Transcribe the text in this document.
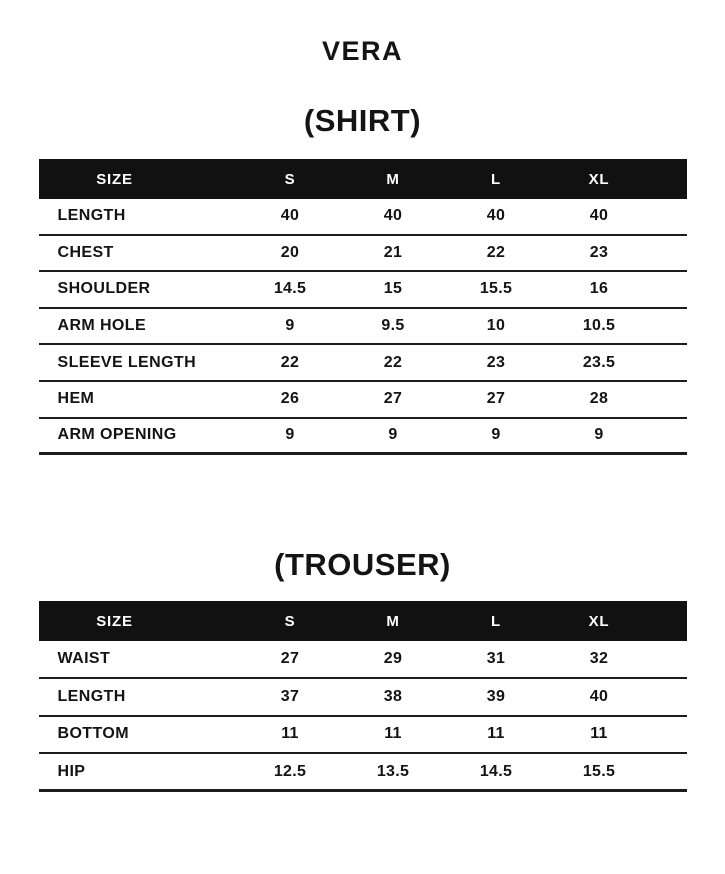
VERA
(SHIRT)
SIZE	S	M	L	XL
LENGTH	40	40	40	40
CHEST	20	21	22	23
SHOULDER	14.5	15	15.5	16
ARM HOLE	9	9.5	10	10.5
SLEEVE LENGTH	22	22	23	23.5
HEM	26	27	27	28
ARM OPENING	9	9	9	9
(TROUSER)
SIZE	S	M	L	XL
WAIST	27	29	31	32
LENGTH	37	38	39	40
BOTTOM	11	11	11	11
HIP	12.5	13.5	14.5	15.5
